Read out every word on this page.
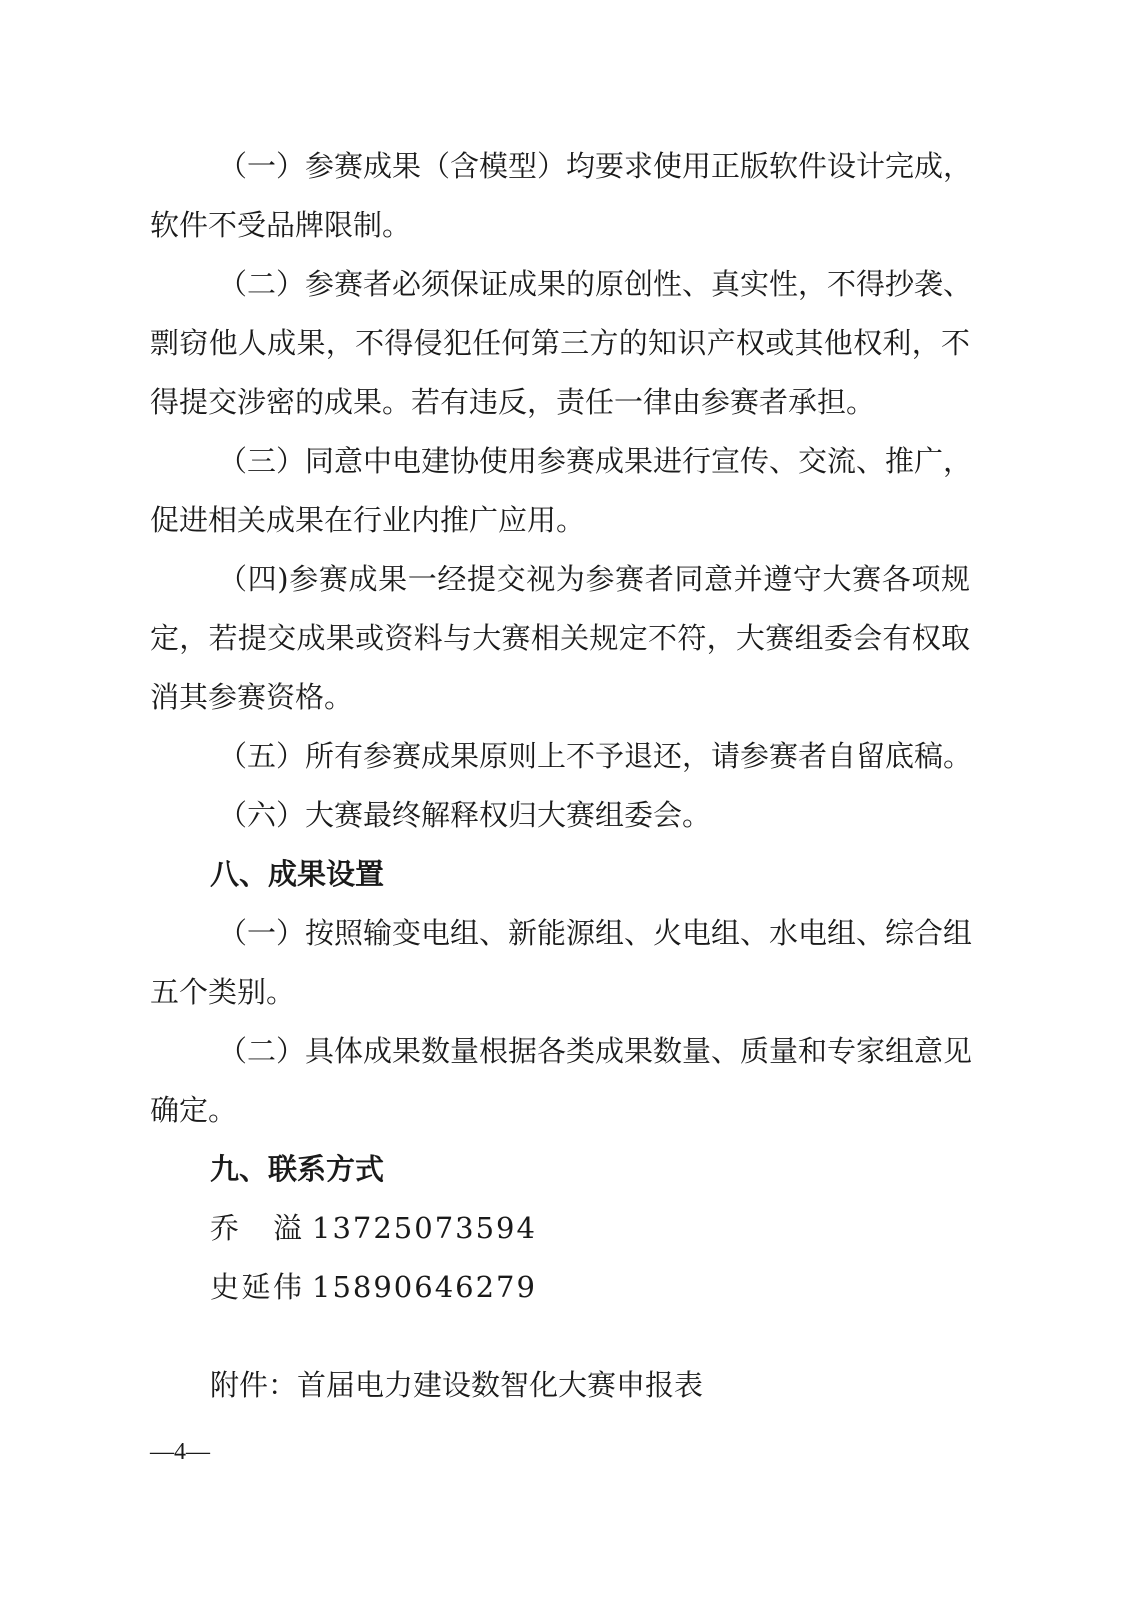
（一）参赛成果（含模型）均要求使用正版软件设计完成，
软件不受品牌限制。
（二）参赛者必须保证成果的原创性、真实性，不得抄袭、
剽窃他人成果，不得侵犯任何第三方的知识产权或其他权利，不
得提交涉密的成果。若有违反，责任一律由参赛者承担。
（三）同意中电建协使用参赛成果进行宣传、交流、推广，
促进相关成果在行业内推广应用。
（四)参赛成果一经提交视为参赛者同意并遵守大赛各项规
定，若提交成果或资料与大赛相关规定不符，大赛组委会有权取
消其参赛资格。
（五）所有参赛成果原则上不予退还，请参赛者自留底稿。
（六）大赛最终解释权归大赛组委会。
八、成果设置
（一）按照输变电组、新能源组、火电组、水电组、综合组
五个类别。
（二）具体成果数量根据各类成果数量、质量和专家组意见
确定。
九、联系方式
乔　溢 13725073594
史延伟 15890646279
附件：首届电力建设数智化大赛申报表
—4—
